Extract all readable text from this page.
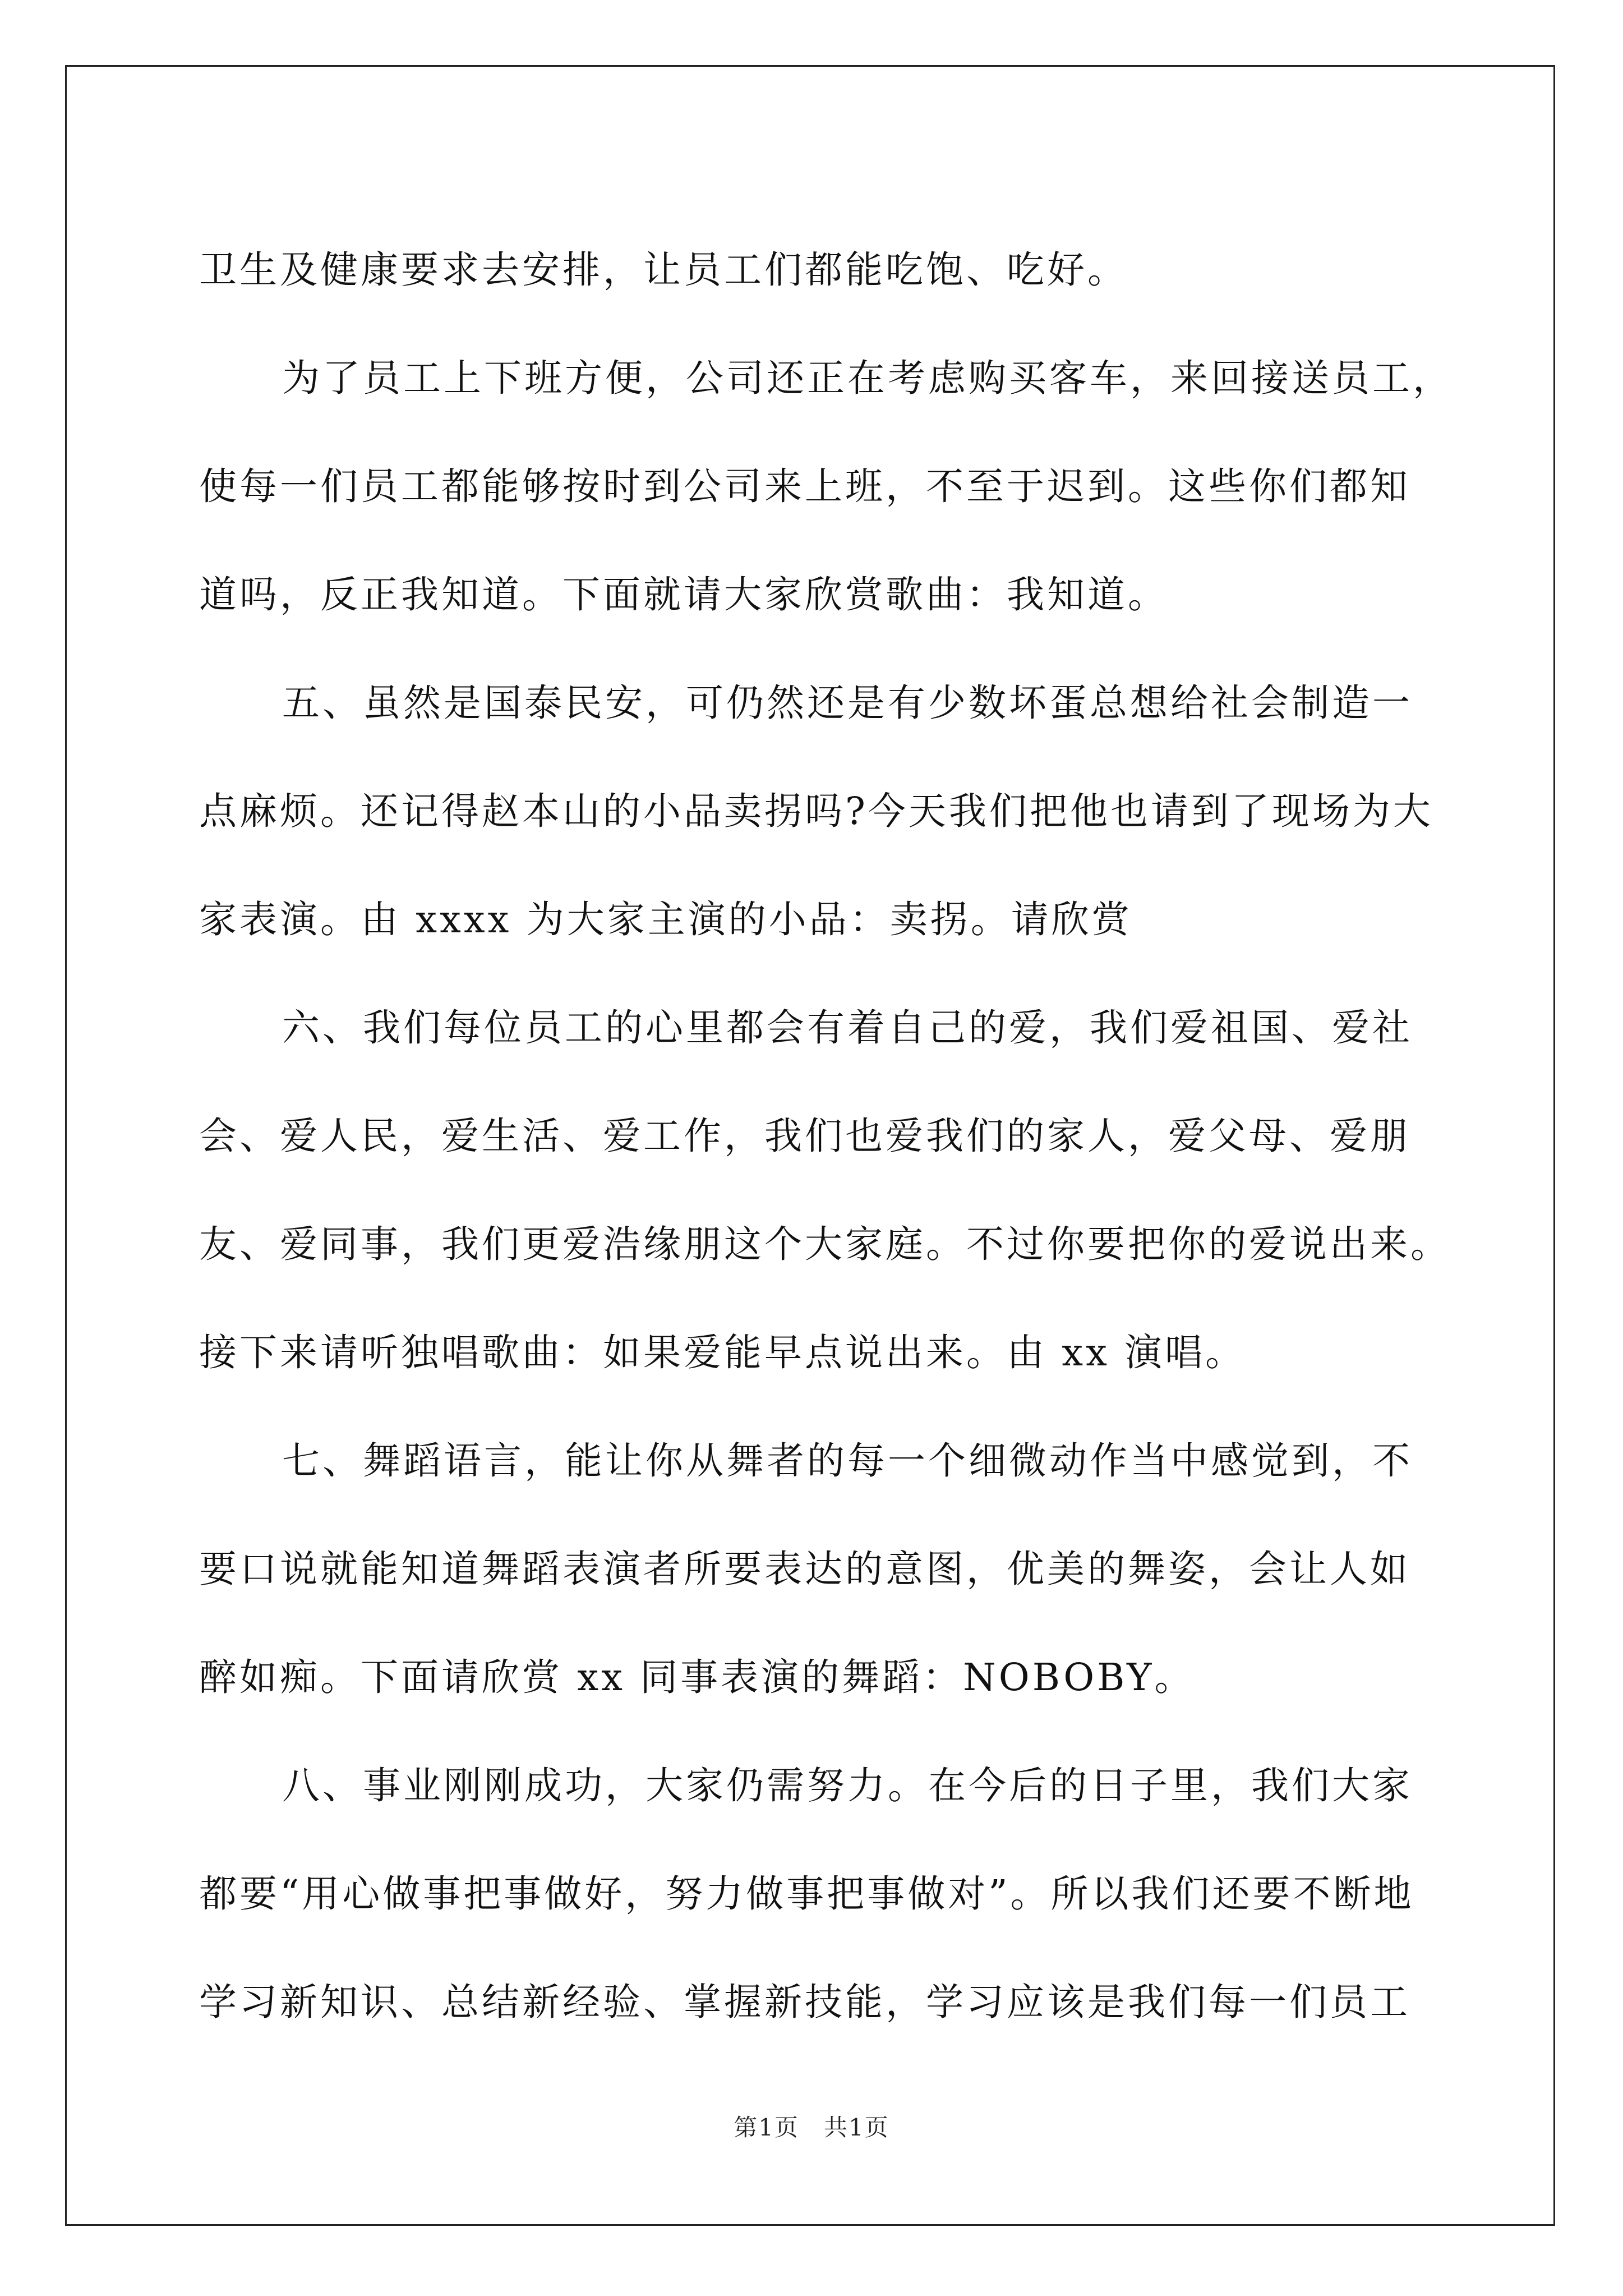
卫生及健康要求去安排，让员工们都能吃饱、吃好。

为了员工上下班方便，公司还正在考虑购买客车，来回接送员工，
使每一们员工都能够按时到公司来上班，不至于迟到。这些你们都知
道吗，反正我知道。下面就请大家欣赏歌曲：我知道。

五、虽然是国泰民安，可仍然还是有少数坏蛋总想给社会制造一
点麻烦。还记得赵本山的小品卖拐吗?今天我们把他也请到了现场为大
家表演。由 xxxx 为大家主演的小品：卖拐。请欣赏

六、我们每位员工的心里都会有着自己的爱，我们爱祖国、爱社
会、爱人民，爱生活、爱工作，我们也爱我们的家人，爱父母、爱朋
友、爱同事，我们更爱浩缘朋这个大家庭。不过你要把你的爱说出来。
接下来请听独唱歌曲：如果爱能早点说出来。由 xx 演唱。

七、舞蹈语言，能让你从舞者的每一个细微动作当中感觉到，不
要口说就能知道舞蹈表演者所要表达的意图，优美的舞姿，会让人如
醉如痴。下面请欣赏 xx 同事表演的舞蹈：NOBOBY。

八、事业刚刚成功，大家仍需努力。在今后的日子里，我们大家
都要“用心做事把事做好，努力做事把事做对”。所以我们还要不断地
学习新知识、总结新经验、掌握新技能，学习应该是我们每一们员工

第1页　共1页
